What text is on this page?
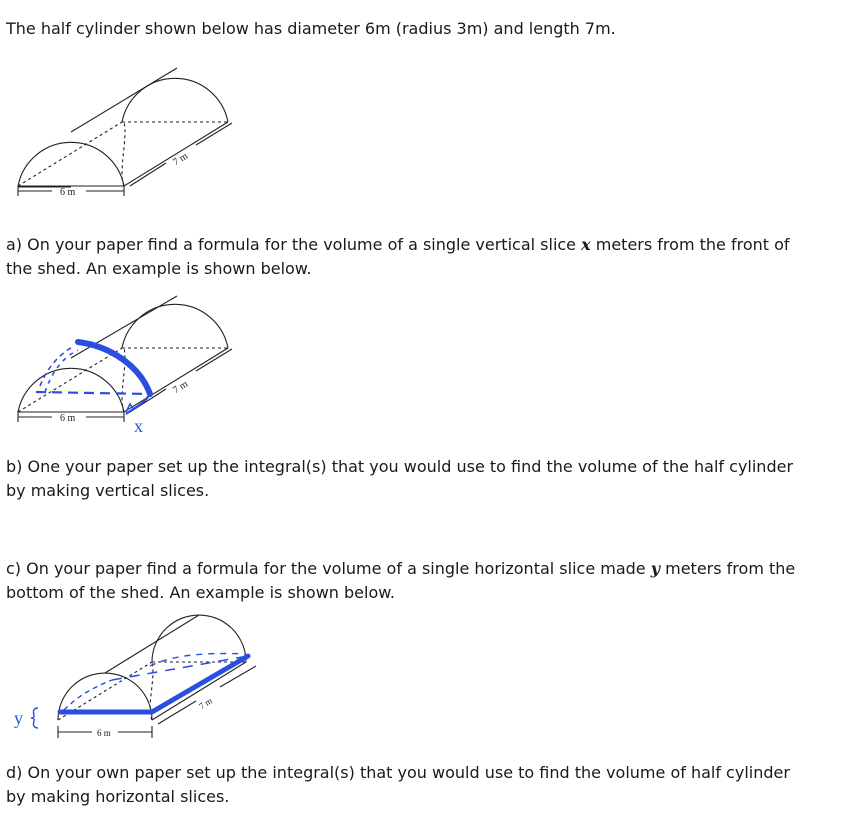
The half cylinder shown below has diameter 6m (radius 3m) and length 7m.

6 m
7 m

a) On your paper find a formula for the volume of a single vertical slice x meters from the front of the shed. An example is shown below.

6 m
7 m
x

b) One your paper set up the integral(s) that you would use to find the volume of the half cylinder by making vertical slices.

c) On your paper find a formula for the volume of a single horizontal slice made y meters from the bottom of the shed. An example is shown below.

y
6 m
7 m

d) On your own paper set up the integral(s) that you would use to find the volume of half cylinder by making horizontal slices.
